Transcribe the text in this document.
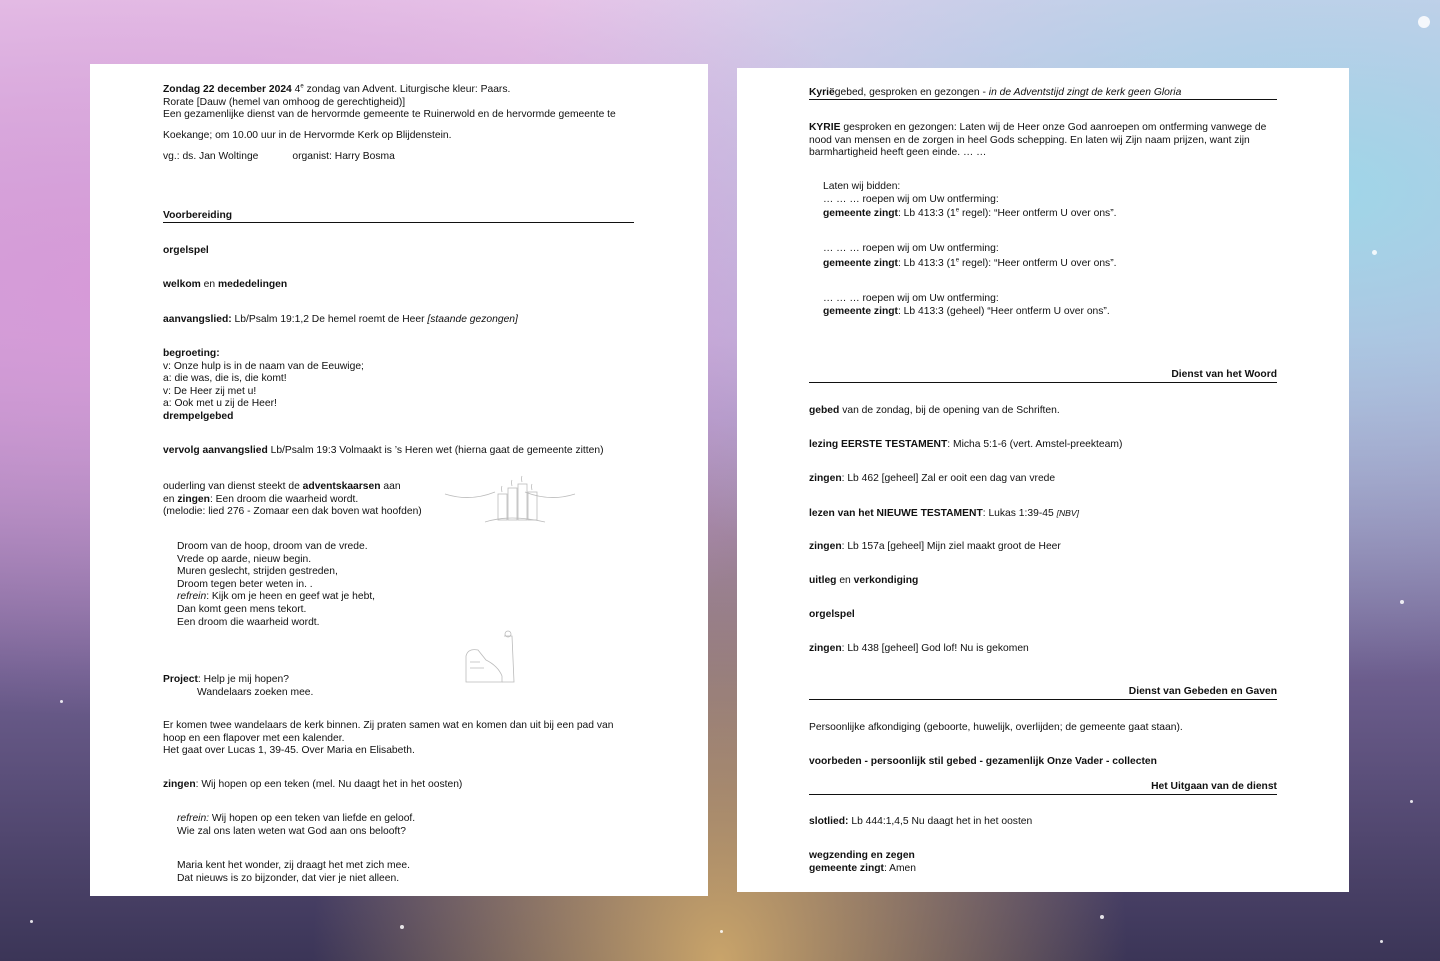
Zondag 22 december 2024 4e zondag van Advent. Liturgische kleur: Paars.
Rorate [Dauw (hemel van omhoog de gerechtigheid)]
Een gezamenlijke dienst van de hervormde gemeente te Ruinerwold en de hervormde gemeente te
Koekange; om 10.00 uur in de Hervormde Kerk op Blijdenstein.
vg.: ds. Jan Woltinge	organist: Harry Bosma
Voorbereiding
orgelspel
welkom en mededelingen
aanvangslied: Lb/Psalm 19:1,2 De hemel roemt de Heer [staande gezongen]
begroeting:
v: Onze hulp is in de naam van de Eeuwige;
a: die was, die is, die komt!
v: De Heer zij met u!
a: Ook met u zij de Heer!
drempelgebed
vervolg aanvangslied Lb/Psalm 19:3 Volmaakt is ’s Heren wet (hierna gaat de gemeente zitten)
ouderling van dienst steekt de adventskaarsen aan
en zingen: Een droom die waarheid wordt.
(melodie: lied 276 - Zomaar een dak boven wat hoofden)
Droom van de hoop, droom van de vrede.
Vrede op aarde, nieuw begin.
Muren geslecht, strijden gestreden,
Droom tegen beter weten in. .
refrein: Kijk om je heen en geef wat je hebt,
Dan komt geen mens tekort.
Een droom die waarheid wordt.
Project: Help je mij hopen?
Wandelaars zoeken mee.
Er komen twee wandelaars de kerk binnen. Zij praten samen wat en komen dan uit bij een pad van
hoop en een flapover met een kalender.
Het gaat over Lucas 1, 39-45. Over Maria en Elisabeth.
zingen: Wij hopen op een teken (mel. Nu daagt het in het oosten)
refrein: Wij hopen op een teken van liefde en geloof.
Wie zal ons laten weten wat God aan ons belooft?
Maria kent het wonder, zij draagt het met zich mee.
Dat nieuws is zo bijzonder, dat vier je niet alleen.
Kyriëgebed, gesproken en gezongen - in de Adventstijd zingt de kerk geen Gloria
KYRIE gesproken en gezongen: Laten wij de Heer onze God aanroepen om ontferming vanwege de
nood van mensen en de zorgen in heel Gods schepping. En laten wij Zijn naam prijzen, want zijn
barmhartigheid heeft geen einde. … …
Laten wij bidden:
… … … roepen wij om Uw ontferming:
gemeente zingt: Lb 413:3 (1e regel): “Heer ontferm U over ons”.
… … … roepen wij om Uw ontferming:
gemeente zingt: Lb 413:3 (1e regel): “Heer ontferm U over ons”.
… … … roepen wij om Uw ontferming:
gemeente zingt: Lb 413:3 (geheel) “Heer ontferm U over ons”.
Dienst van het Woord
gebed van de zondag, bij de opening van de Schriften.
lezing EERSTE TESTAMENT: Micha 5:1-6 (vert. Amstel-preekteam)
zingen: Lb 462 [geheel] Zal er ooit een dag van vrede
lezen van het NIEUWE TESTAMENT: Lukas 1:39-45 [NBV]
zingen: Lb 157a [geheel] Mijn ziel maakt groot de Heer
uitleg en verkondiging
orgelspel
zingen: Lb 438 [geheel] God lof! Nu is gekomen
Dienst van Gebeden en Gaven
Persoonlijke afkondiging (geboorte, huwelijk, overlijden; de gemeente gaat staan).
voorbeden - persoonlijk stil gebed - gezamenlijk Onze Vader - collecten
Het Uitgaan van de dienst
slotlied: Lb 444:1,4,5 Nu daagt het in het oosten
wegzending en zegen
gemeente zingt: Amen
